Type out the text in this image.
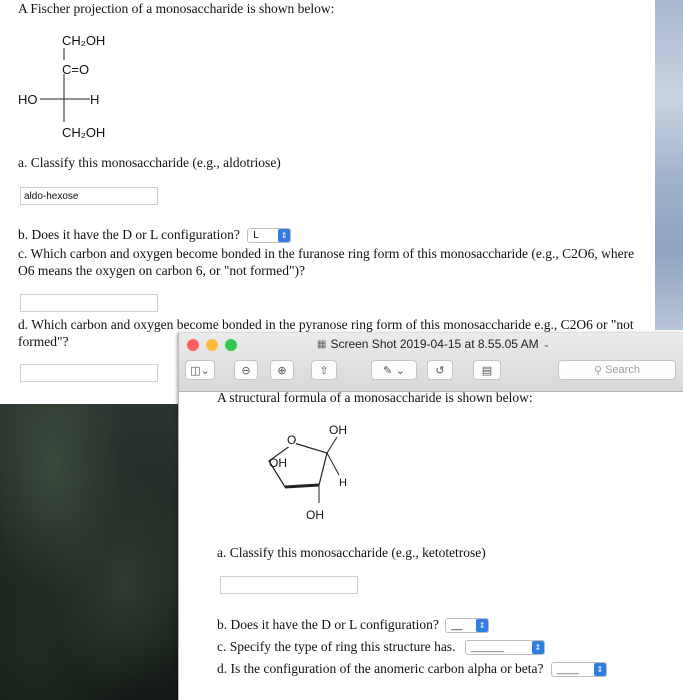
A Fischer projection of a monosaccharide is shown below:
CH₂OH
C=O
HO	H
CH₂OH
a. Classify this monosaccharide (e.g., aldotriose)
aldo-hexose
b. Does it have the D or L configuration?	L	⇕
c. Which carbon and oxygen become bonded in the furanose ring form of this monosaccharide (e.g., C2O6, where O6 means the oxygen on carbon 6, or "not formed")?
d. Which carbon and oxygen become bonded in the pyranose ring form of this monosaccharide e.g., C2O6 or "not formed"?	▦ Screen Shot 2019-04-15 at 8.55.05 AM ⌄
◫⌄	⊖ ⊕	⇧	✎ ⌄	↺	▤	⚲ Search
A structural formula of a monosaccharide is shown below:
O
OH
OH
H
OH
a. Classify this monosaccharide (e.g., ketotetrose)
b. Does it have the D or L configuration?	__	⇕
c. Specify the type of ring this structure has.	______	⇕
d. Is the configuration of the anomeric carbon alpha or beta?	____	⇕
